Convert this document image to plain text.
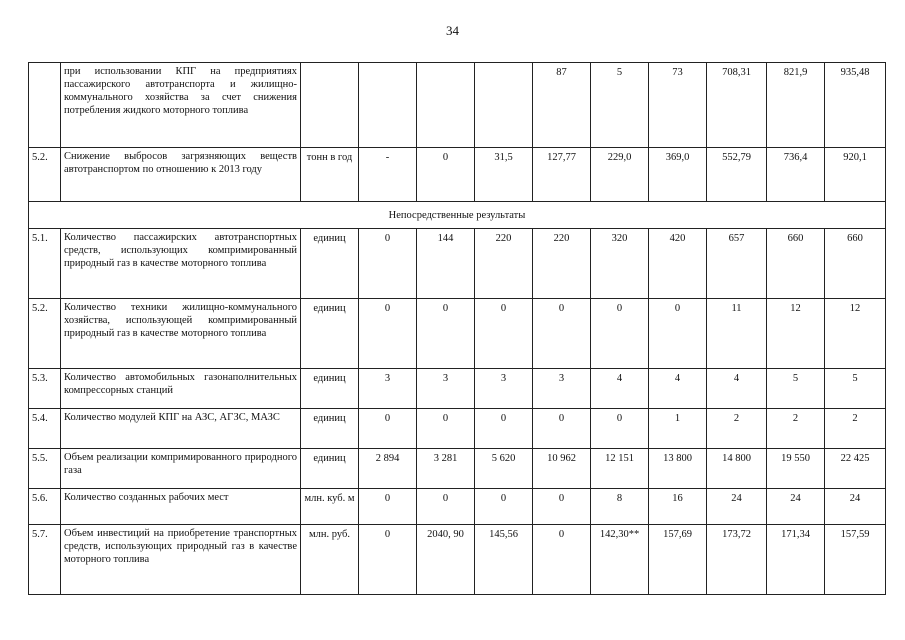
34
	при использовании КПГ на предприятиях пассажирского автотранспорта и жилищно-коммунального хозяйства за счет снижения потребления жидкого моторного топлива					87	5	73	708,31	821,9	935,48
5.2.	Снижение выбросов загрязняющих веществ автотранспортом по отношению к 2013 году	тонн в год	-	0	31,5	127,77	229,0	369,0	552,79	736,4	920,1
Непосредственные результаты											
5.1.	Количество пассажирских автотранспортных средств, использующих компримированный природный газ в качестве моторного топлива	единиц	0	144	220	220	320	420	657	660	660
5.2.	Количество техники жилищно-коммунального хозяйства, использующей компримированный природный газ в качестве моторного топлива	единиц	0	0	0	0	0	0	11	12	12
5.3.	Количество автомобильных газонаполнительных компрессорных станций	единиц	3	3	3	3	4	4	4	5	5
5.4.	Количество модулей КПГ на АЗС, АГЗС, МАЗС	единиц	0	0	0	0	0	1	2	2	2
5.5.	Объем реализации компримированного природного газа	единиц	2 894	3 281	5 620	10 962	12 151	13 800	14 800	19 550	22 425
5.6.	Количество созданных рабочих мест	млн. куб. м	0	0	0	0	8	16	24	24	24
5.7.	Объем инвестиций на приобретение транспортных средств, использующих природный газ в качестве моторного топлива	млн. руб.	0	2040, 90	145,56	0	142,30**	157,69	173,72	171,34	157,59
